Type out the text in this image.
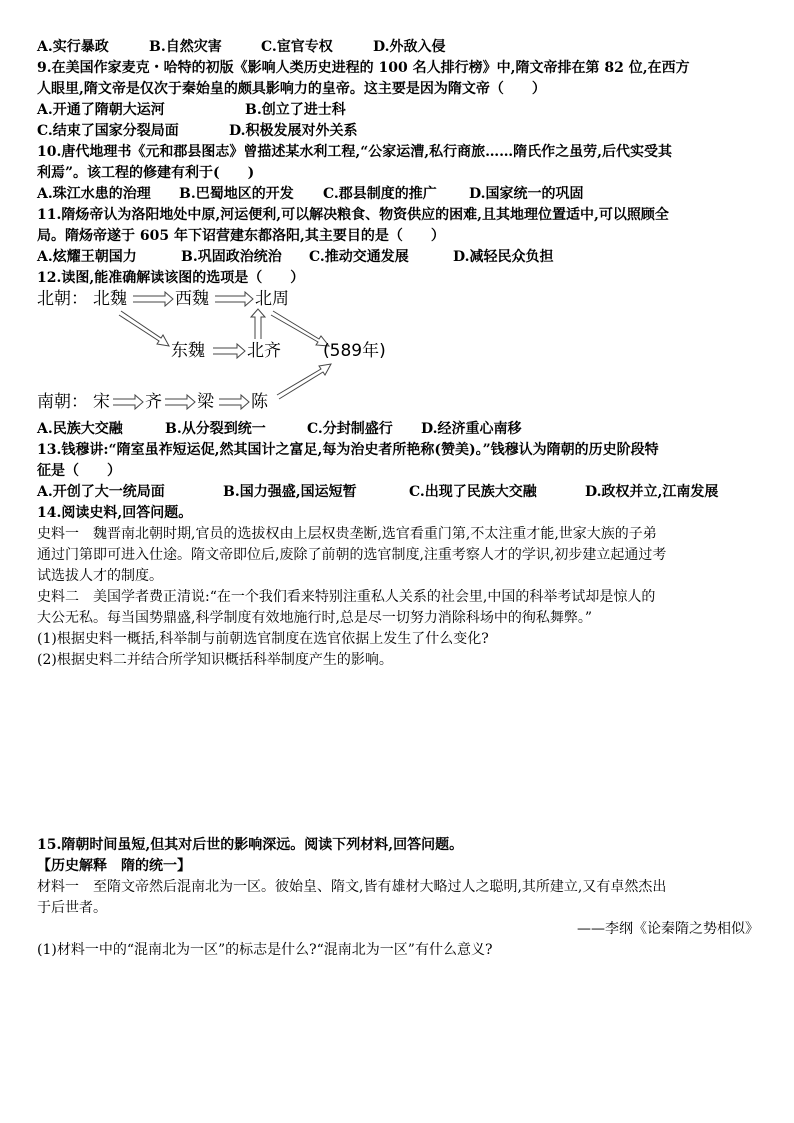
A.实行暴政	B.自然灾害	C.宦官专权	D.外敌入侵
9.在美国作家麦克・哈特的初版《影响人类历史进程的 100 名人排行榜》中,隋文帝排在第 82 位,在西方
人眼里,隋文帝是仅次于秦始皇的颇具影响力的皇帝。这主要是因为隋文帝（　　）
A.开通了隋朝大运河	B.创立了进士科
C.结束了国家分裂局面	D.积极发展对外关系
10.唐代地理书《元和郡县图志》曾描述某水利工程,“公家运漕,私行商旅……隋氏作之虽劳,后代实受其
利焉”。该工程的修建有利于(　　)
A.珠江水患的治理	B.巴蜀地区的开发	C.郡县制度的推广	D.国家统一的巩固
11.隋炀帝认为洛阳地处中原,河运便利,可以解决粮食、物资供应的困难,且其地理位置适中,可以照顾全
局。隋炀帝遂于 605 年下诏营建东都洛阳,其主要目的是（　　）
A.炫耀王朝国力	B.巩固政治统治	C.推动交通发展	D.减轻民众负担
12.读图,能准确解读该图的选项是（　　）
北朝： 北魏	西魏	北周
东魏 北齐 (589年)
南朝： 宋 齐 梁 陈
A.民族大交融	B.从分裂到统一	C.分封制盛行	D.经济重心南移
13.钱穆讲:“隋室虽祚短运促,然其国计之富足,每为治史者所艳称(赞美)。”钱穆认为隋朝的历史阶段特
征是（　　）
A.开创了大一统局面	B.国力强盛,国运短暂	C.出现了民族大交融	D.政权并立,江南发展
14.阅读史料,回答问题。
史料一　魏晋南北朝时期,官员的选拔权由上层权贵垄断,选官看重门第,不太注重才能,世家大族的子弟
通过门第即可进入仕途。隋文帝即位后,废除了前朝的选官制度,注重考察人才的学识,初步建立起通过考
试选拔人才的制度。
史料二　美国学者费正清说:“在一个我们看来特别注重私人关系的社会里,中国的科举考试却是惊人的
大公无私。每当国势鼎盛,科学制度有效地施行时,总是尽一切努力消除科场中的徇私舞弊。”
(1)根据史料一概括,科举制与前朝选官制度在选官依据上发生了什么变化?
(2)根据史料二并结合所学知识概括科举制度产生的影响。
15.隋朝时间虽短,但其对后世的影响深远。阅读下列材料,回答问题。
【历史解释　隋的统一】
材料一　至隋文帝然后混南北为一区。彼始皇、隋文,皆有雄材大略过人之聪明,其所建立,又有卓然杰出
于后世者。
——李纲《论秦隋之势相似》
(1)材料一中的“混南北为一区”的标志是什么?“混南北为一区”有什么意义?
